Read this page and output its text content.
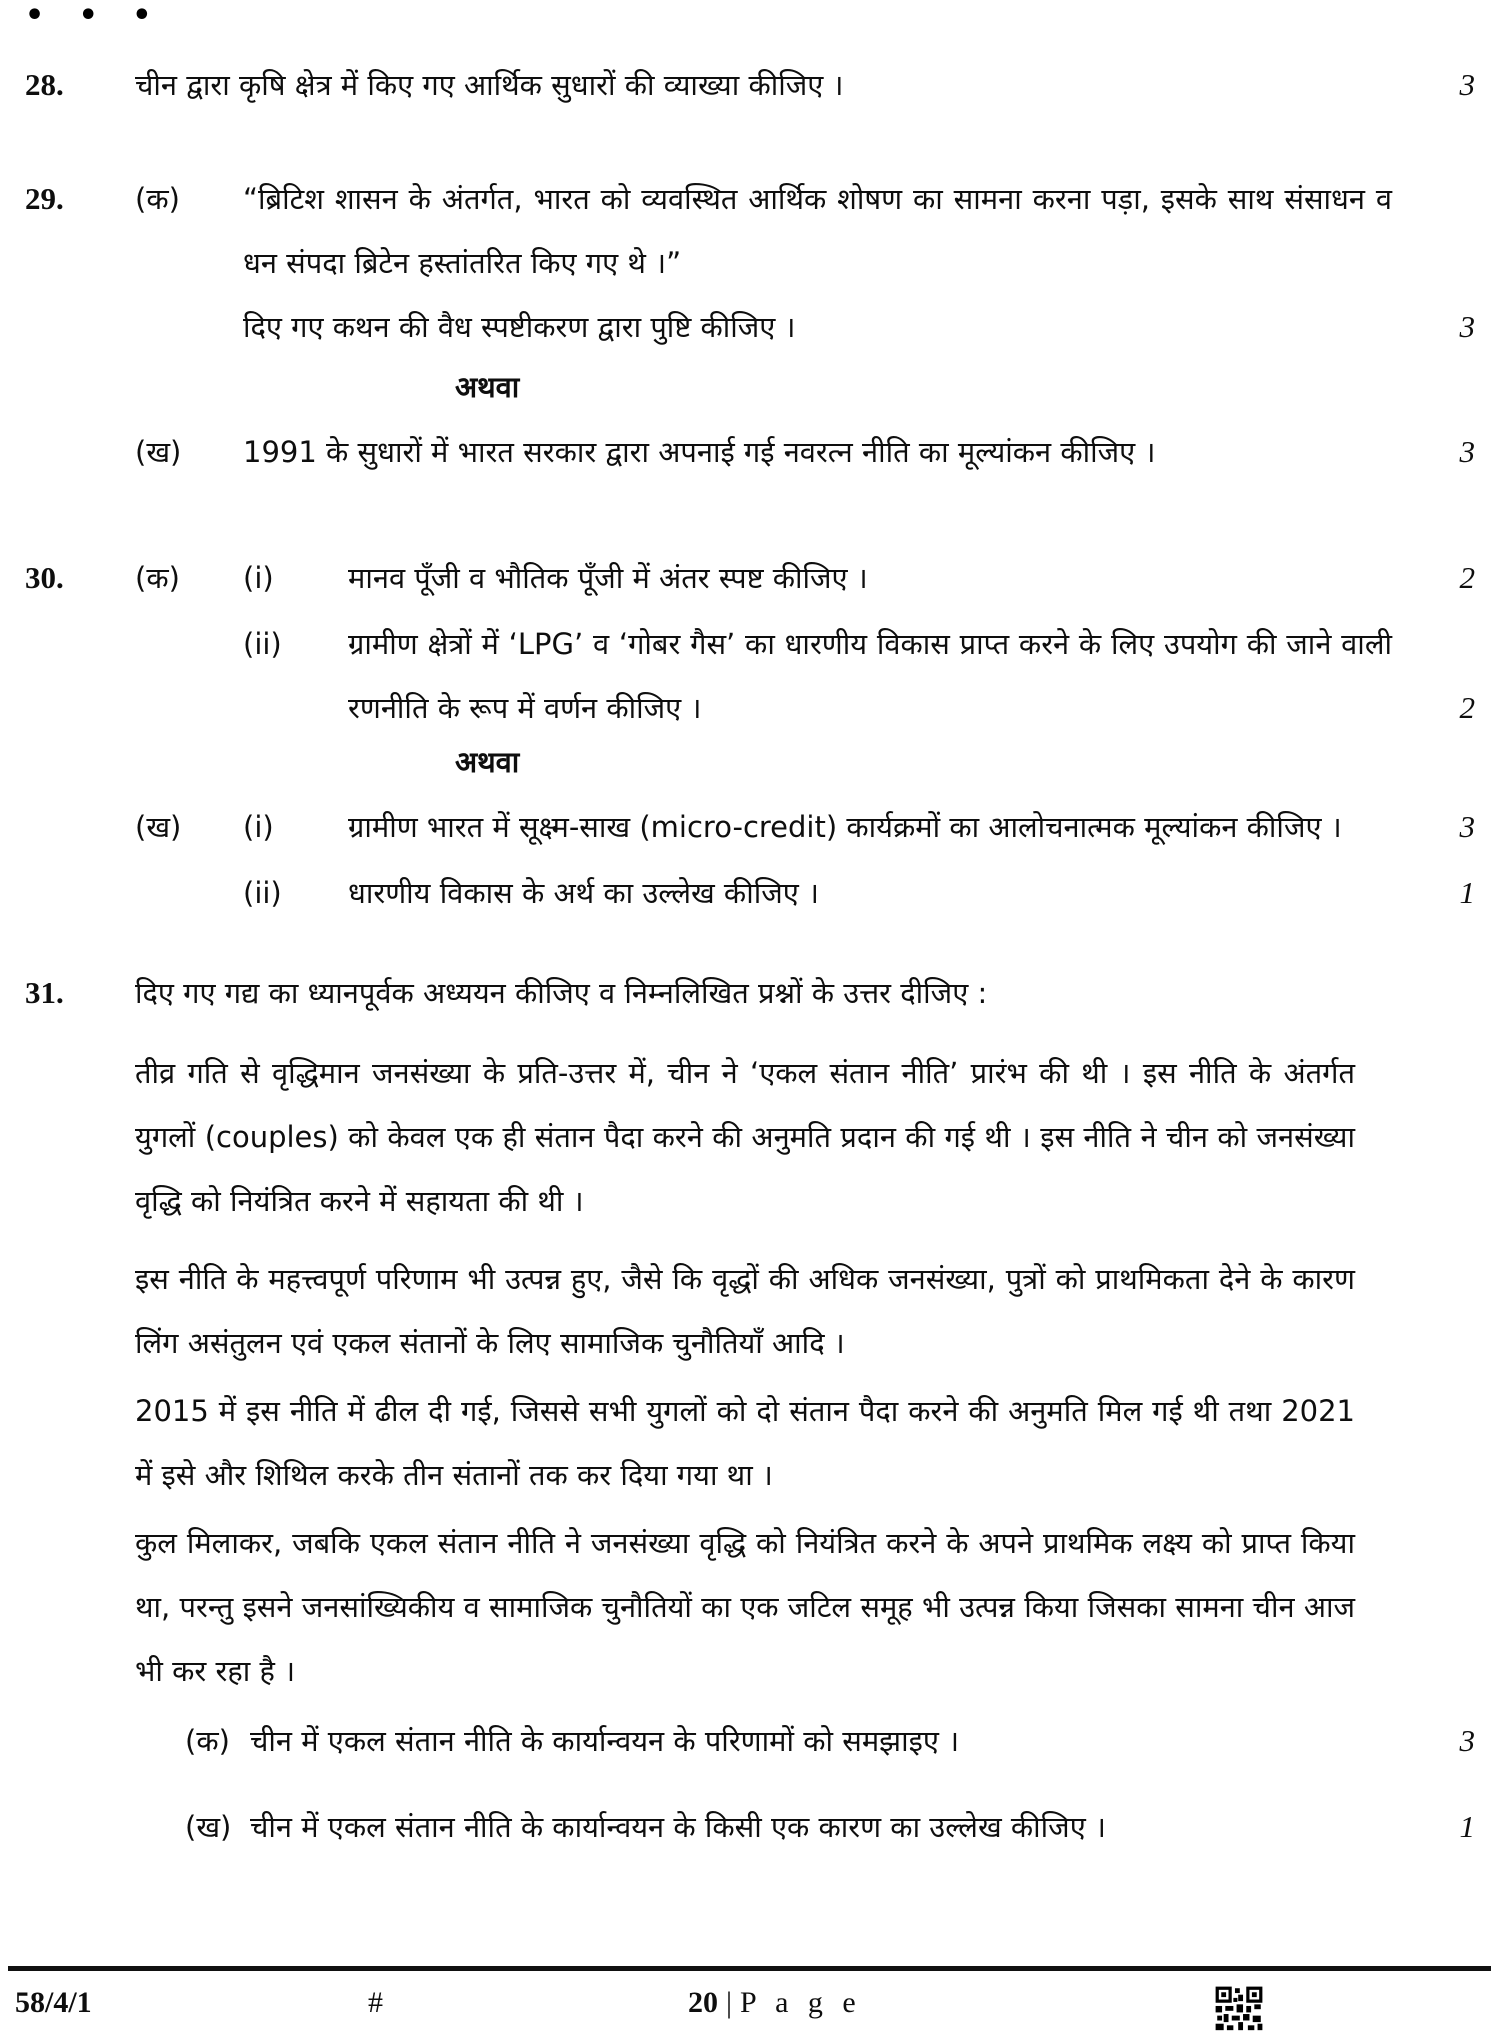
• • •
28.	चीन द्वारा कृषि क्षेत्र में किए गए आर्थिक सुधारों की व्याख्या कीजिए ।	3
29.	(क)	“ब्रिटिश शासन के अंतर्गत, भारत को व्यवस्थित आर्थिक शोषण का सामना करना पड़ा, इसके साथ संसाधन व धन संपदा ब्रिटेन हस्तांतरित किए गए थे ।”
दिए गए कथन की वैध स्पष्टीकरण द्वारा पुष्टि कीजिए ।	3
अथवा
(ख)	1991 के सुधारों में भारत सरकार द्वारा अपनाई गई नवरत्न नीति का मूल्यांकन कीजिए ।	3
30.	(क)	(i)	मानव पूँजी व भौतिक पूँजी में अंतर स्पष्ट कीजिए ।	2
(ii)	ग्रामीण क्षेत्रों में ‘LPG’ व ‘गोबर गैस’ का धारणीय विकास प्राप्त करने के लिए उपयोग की जाने वाली रणनीति के रूप में वर्णन कीजिए ।	2
अथवा
(ख)	(i)	ग्रामीण भारत में सूक्ष्म-साख (micro-credit) कार्यक्रमों का आलोचनात्मक मूल्यांकन कीजिए ।	3
(ii)	धारणीय विकास के अर्थ का उल्लेख कीजिए ।	1
31.	दिए गए गद्य का ध्यानपूर्वक अध्ययन कीजिए व निम्नलिखित प्रश्नों के उत्तर दीजिए :
तीव्र गति से वृद्धिमान जनसंख्या के प्रति-उत्तर में, चीन ने ‘एकल संतान नीति’ प्रारंभ की थी । इस नीति के अंतर्गत युगलों (couples) को केवल एक ही संतान पैदा करने की अनुमति प्रदान की गई थी । इस नीति ने चीन को जनसंख्या वृद्धि को नियंत्रित करने में सहायता की थी ।
इस नीति के महत्त्वपूर्ण परिणाम भी उत्पन्न हुए, जैसे कि वृद्धों की अधिक जनसंख्या, पुत्रों को प्राथमिकता देने के कारण लिंग असंतुलन एवं एकल संतानों के लिए सामाजिक चुनौतियाँ आदि ।
2015 में इस नीति में ढील दी गई, जिससे सभी युगलों को दो संतान पैदा करने की अनुमति मिल गई थी तथा 2021 में इसे और शिथिल करके तीन संतानों तक कर दिया गया था ।
कुल मिलाकर, जबकि एकल संतान नीति ने जनसंख्या वृद्धि को नियंत्रित करने के अपने प्राथमिक लक्ष्य को प्राप्त किया था, परन्तु इसने जनसांख्यिकीय व सामाजिक चुनौतियों का एक जटिल समूह भी उत्पन्न किया जिसका सामना चीन आज भी कर रहा है ।
(क) चीन में एकल संतान नीति के कार्यान्वयन के परिणामों को समझाइए ।	3
(ख) चीन में एकल संतान नीति के कार्यान्वयन के किसी एक कारण का उल्लेख कीजिए ।	1
58/4/1	#	20 | P a g e
